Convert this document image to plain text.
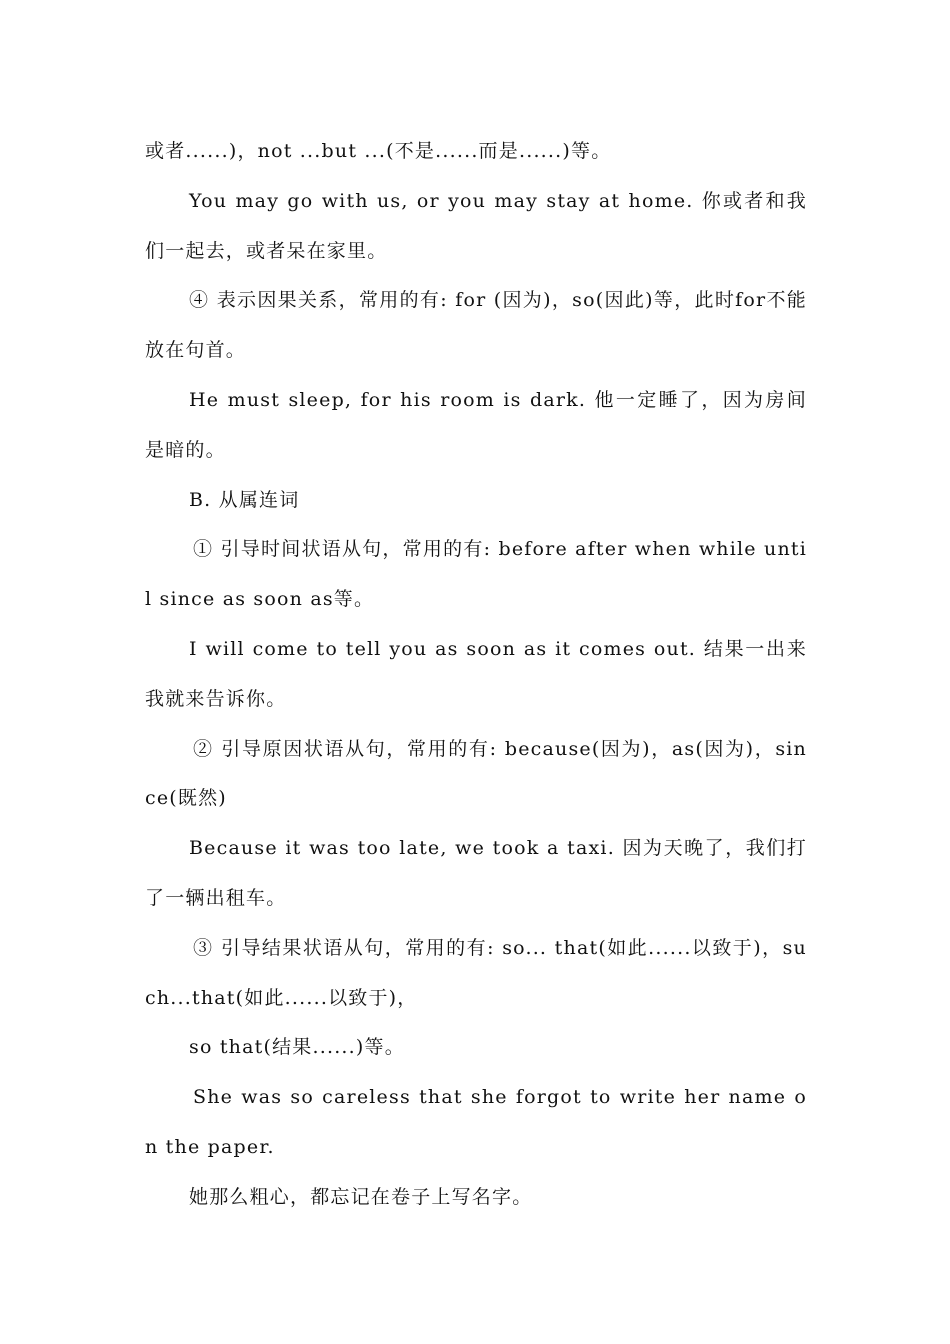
或者......)，not ...but ...(不是......而是......)等。

You may go with us, or you may stay at home. 你或者和我们一起去，或者呆在家里。

④ 表示因果关系，常用的有: for (因为)，so(因此)等，此时for不能放在句首。

He must sleep, for his room is dark. 他一定睡了，因为房间是暗的。

B. 从属连词

① 引导时间状语从句，常用的有: before after when while until since as soon as等。

I will come to tell you as soon as it comes out. 结果一出来我就来告诉你。

② 引导原因状语从句，常用的有: because(因为)，as(因为)，since(既然)

Because it was too late, we took a taxi. 因为天晚了，我们打了一辆出租车。

③ 引导结果状语从句，常用的有: so... that(如此......以致于)，such...that(如此......以致于)，

so that(结果......)等。

She was so careless that she forgot to write her name on the paper.

她那么粗心，都忘记在卷子上写名字。
